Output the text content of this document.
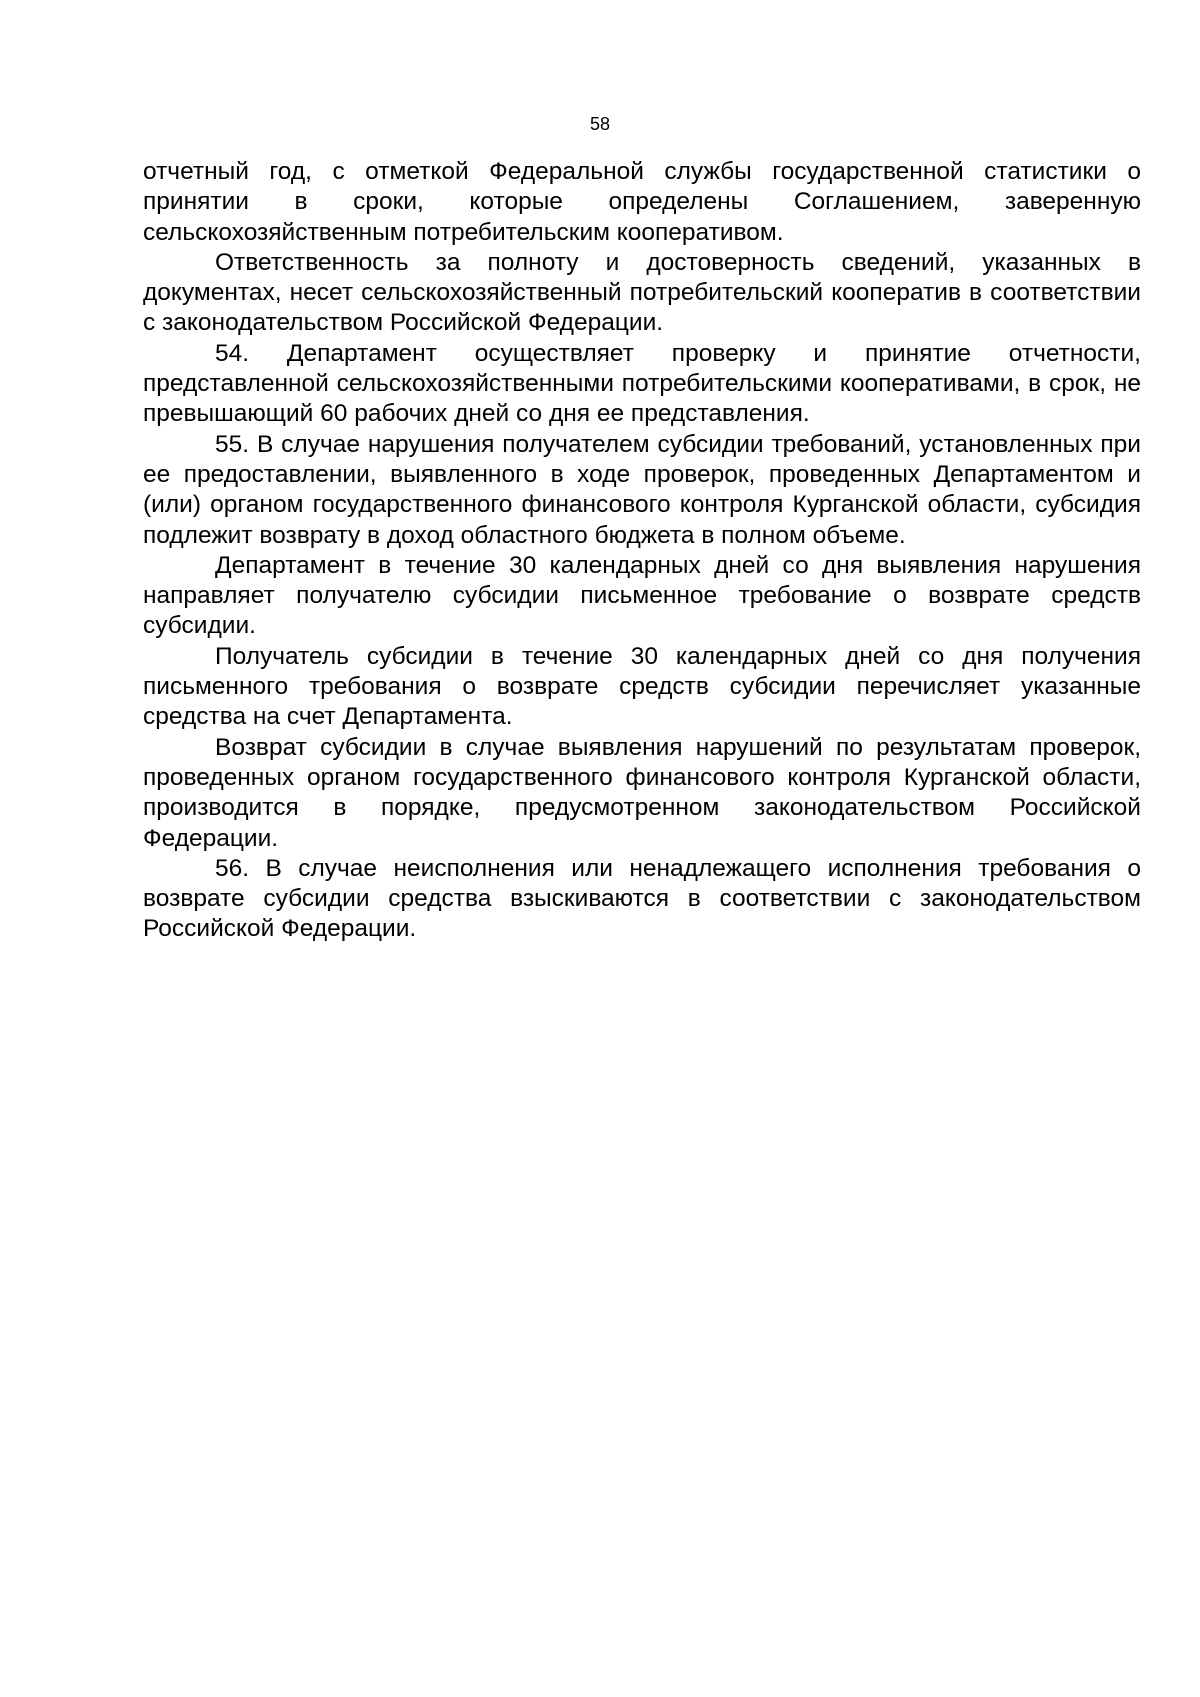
58

отчетный год, с отметкой Федеральной службы государственной статистики о принятии в сроки, которые определены Соглашением, заверенную сельскохозяйственным потребительским кооперативом.

Ответственность за полноту и достоверность сведений, указанных в документах, несет сельскохозяйственный потребительский кооператив в соответствии с законодательством Российской Федерации.

54. Департамент осуществляет проверку и принятие отчетности, представленной сельскохозяйственными потребительскими кооперативами, в срок, не превышающий 60 рабочих дней со дня ее представления.

55. В случае нарушения получателем субсидии требований, установленных при ее предоставлении, выявленного в ходе проверок, проведенных Департаментом и (или) органом государственного финансового контроля Курганской области, субсидия подлежит возврату в доход областного бюджета в полном объеме.

Департамент в течение 30 календарных дней со дня выявления нарушения направляет получателю субсидии письменное требование о возврате средств субсидии.

Получатель субсидии в течение 30 календарных дней со дня получения письменного требования о возврате средств субсидии перечисляет указанные средства на счет Департамента.

Возврат субсидии в случае выявления нарушений по результатам проверок, проведенных органом государственного финансового контроля Курганской области, производится в порядке, предусмотренном законодательством Российской Федерации.

56. В случае неисполнения или ненадлежащего исполнения требования о возврате субсидии средства взыскиваются в соответствии с законодательством Российской Федерации.
